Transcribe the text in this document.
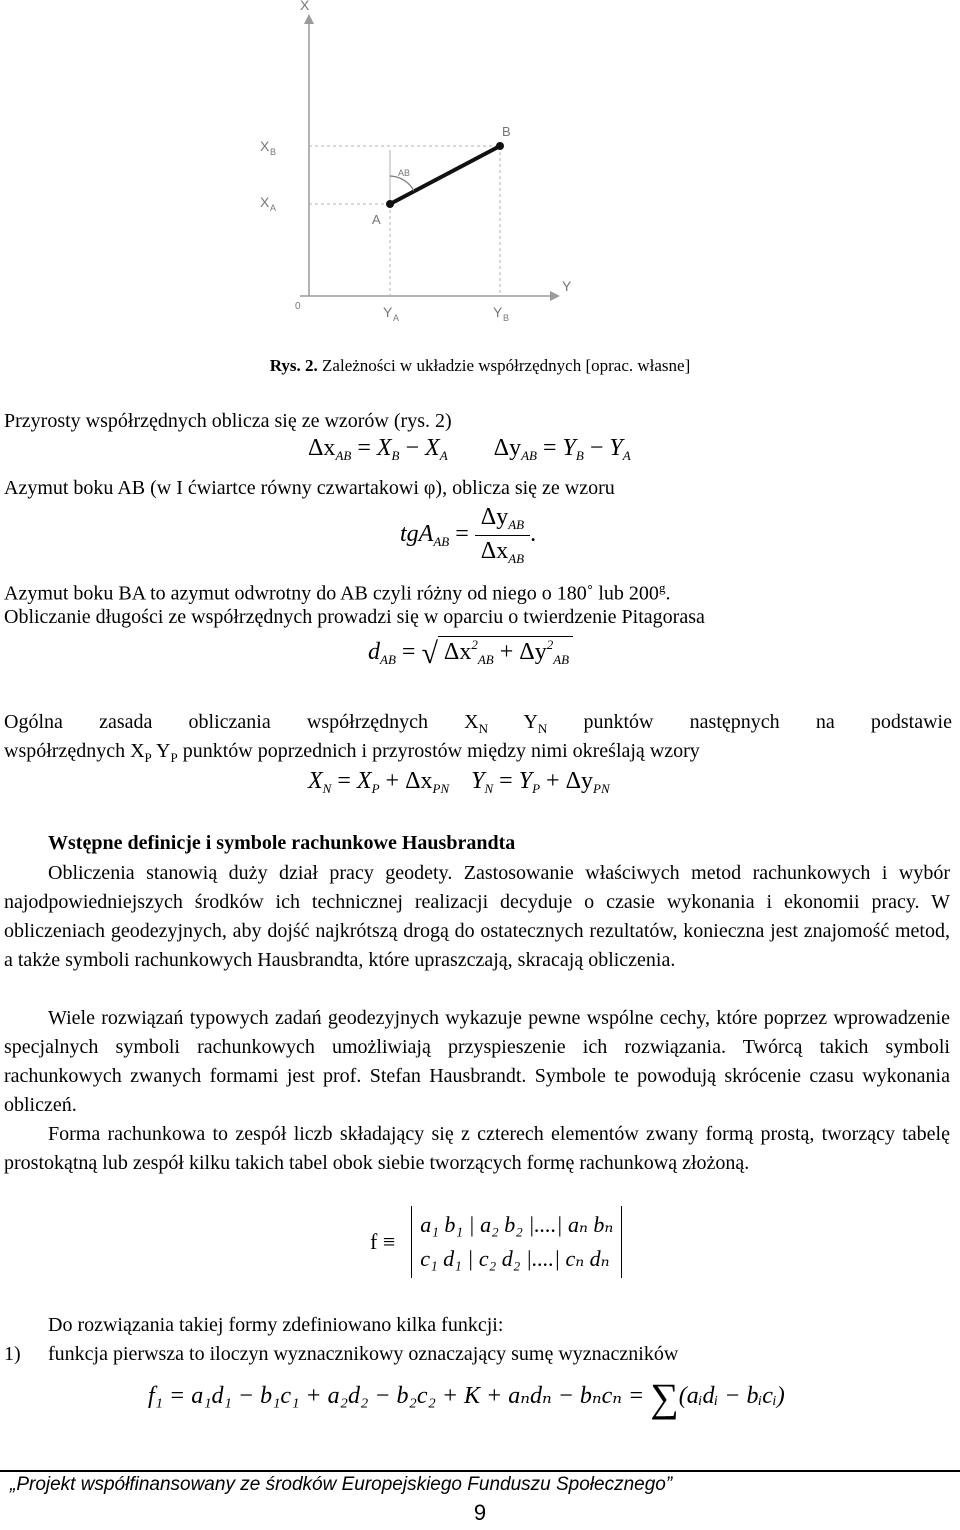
X
Y
0
X B
X A
Y A	Y B
A
B
AB
Rys. 2. Zależności w układzie współrzędnych [oprac. własne]
Przyrosty współrzędnych oblicza się ze wzorów (rys. 2)
$\Delta x_{AB} = X_B - X_A$ $\Delta y_{AB} = Y_B - Y_A$
Azymut boku AB (w I ćwiartce równy czwartakowi φ), oblicza się ze wzoru
$tgA_{AB} = \frac{\Delta y_{AB}}{\Delta x_{AB}}$ .
Azymut boku BA to azymut odwrotny do AB czyli różny od niego o 180˚ lub 200$^g$.
Obliczanie długości ze współrzędnych prowadzi się w oparciu o twierdzenie Pitagorasa
$d_{AB}$ = √ $\Delta x^2_{AB} + \Delta y^2_{AB}$
Ogólna zasada obliczania współrzędnych $X_N$ $Y_N$ punktów następnych na podstawie
współrzędnych $X_P$ $Y_P$ punktów poprzednich i przyrostów między nimi określają wzory
$X_N = X_P + \Delta x_{PN}$ $Y_N = Y_P + \Delta y_{PN}$
Wstępne definicje i symbole rachunkowe Hausbrandta
Obliczenia stanowią duży dział pracy geodety. Zastosowanie właściwych metod rachunkowych i wybór najodpowiedniejszych środków ich technicznej realizacji decyduje o czasie wykonania i ekonomii pracy. W obliczeniach geodezyjnych, aby dojść najkrótszą drogą do ostatecznych rezultatów, konieczna jest znajomość metod, a także symboli rachunkowych Hausbrandta, które upraszczają, skracają obliczenia.
Wiele rozwiązań typowych zadań geodezyjnych wykazuje pewne wspólne cechy, które poprzez wprowadzenie specjalnych symboli rachunkowych umożliwiają przyspieszenie ich rozwiązania. Twórcą takich symboli rachunkowych zwanych formami jest prof. Stefan Hausbrandt. Symbole te powodują skrócenie czasu wykonania obliczeń.
Forma rachunkowa to zespół liczb składający się z czterech elementów zwany formą prostą, tworzący tabelę prostokątną lub zespół kilku takich tabel obok siebie tworzących formę rachunkową złożoną.
f ≡
a₁ b₁ | a₂ b₂ |....| aₙ bₙ
c₁ d₁ | c₂ d₂ |....| cₙ dₙ
Do rozwiązania takiej formy zdefiniowano kilka funkcji:
1) funkcja pierwsza to iloczyn wyznacznikowy oznaczający sumę wyznaczników
f₁ = a₁d₁ − b₁c₁ + a₂d₂ − b₂c₂ + K + aₙdₙ − bₙcₙ = ∑(aᵢdᵢ − bᵢcᵢ)
„Projekt współfinansowany ze środków Europejskiego Funduszu Społecznego”
9
